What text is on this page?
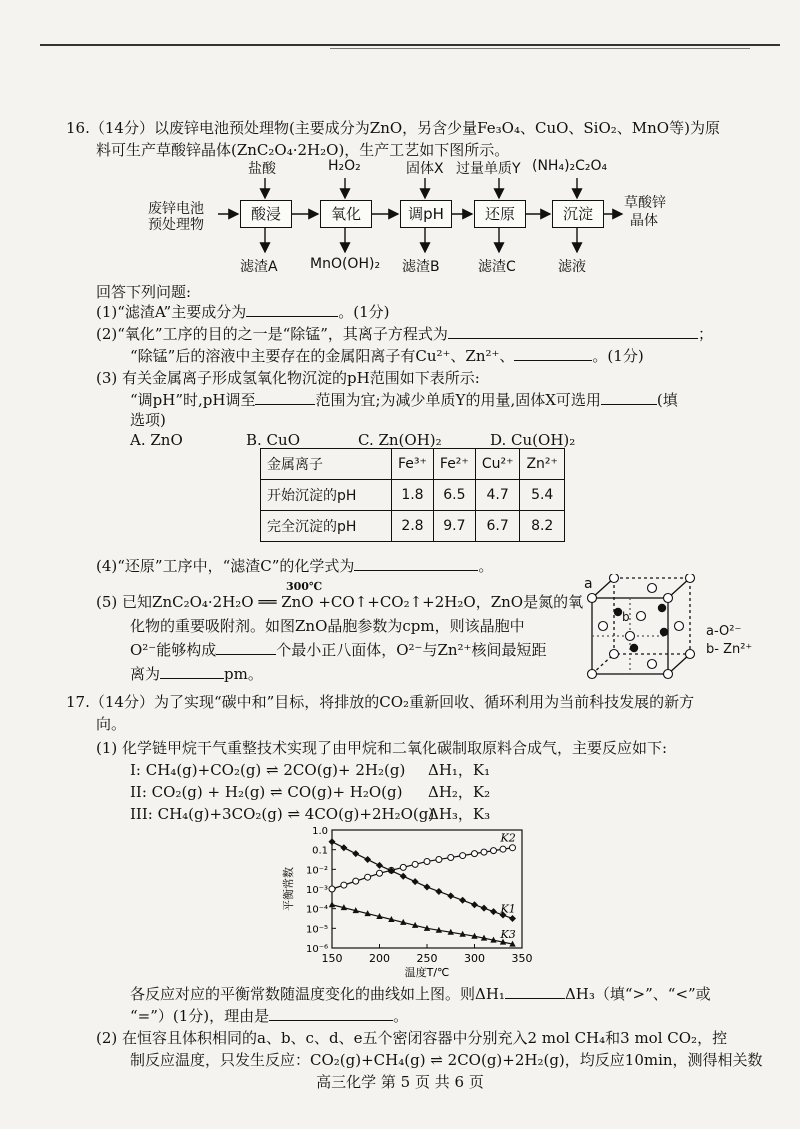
16.（14分）以废锌电池预处理物(主要成分为ZnO，另含少量Fe₃O₄、CuO、SiO₂、MnO等)为原
料可生产草酸锌晶体(ZnC₂O₄·2H₂O)，生产工艺如下图所示。
废锌电池
预处理物
酸浸	氧化	调pH	还原	沉淀
盐酸	H₂O₂	固体X 过量单质Y (NH₄)₂C₂O₄
滤渣A MnO(OH)₂ 滤渣B	滤渣C	滤液
草酸锌
晶体
回答下列问题:
(1)“滤渣A”主要成分为	。(1分)
(2)“氧化”工序的目的之一是“除锰”，其离子方程式为	；
“除锰”后的溶液中主要存在的金属阳离子有Cu²⁺、Zn²⁺、	。(1分)
(3) 有关金属离子形成氢氧化物沉淀的pH范围如下表所示:
“调pH”时,pH调至	范围为宜;为减少单质Y的用量,固体X可选用	(填
选项)
A. ZnO	B. CuO	C. Zn(OH)₂	D. Cu(OH)₂
金属离子	Fe³⁺	Fe²⁺	Cu²⁺	Zn²⁺
开始沉淀的pH	1.8	6.5	4.7	5.4
完全沉淀的pH	2.8	9.7	6.7	8.2
(4)“还原”工序中，“滤渣C”的化学式为	。
300℃
(5) 已知ZnC₂O₄·2H₂O ══ ZnO +CO↑+CO₂↑+2H₂O，ZnO是氮的氧
化物的重要吸附剂。如图ZnO晶胞参数为cpm，则该晶胞中
O²⁻能够构成	个最小正八面体，O²⁻与Zn²⁺核间最短距
离为	pm。
a
b
a-O²⁻
b- Zn²⁺
17.（14分）为了实现“碳中和”目标，将排放的CO₂重新回收、循环利用为当前科技发展的新方
向。
(1) 化学链甲烷干气重整技术实现了由甲烷和二氧化碳制取原料合成气，主要反应如下:
I: CH₄(g)+CO₂(g) ⇌ 2CO(g)+ 2H₂(g) ΔH₁，K₁
II: CO₂(g) + H₂(g) ⇌ CO(g)+ H₂O(g) ΔH₂，K₂
III: CH₄(g)+3CO₂(g) ⇌ 4CO(g)+2H₂O(g)
ΔH₃，K₃
150 200 250 300 350
1.0
0.1
10⁻²
10⁻³
10⁻⁴
10⁻⁵
10⁻⁶
温度T/℃
平衡常数
K2
K1
K3
各反应对应的平衡常数随温度变化的曲线如上图。则ΔH₁	ΔH₃（填“>”、“<”或
“=”）(1分)，理由是	。
(2) 在恒容且体积相同的a、b、c、d、e五个密闭容器中分别充入2 mol CH₄和3 mol CO₂，控
制反应温度，只发生反应：CO₂(g)+CH₄(g) ⇌ 2CO(g)+2H₂(g)，均反应10min，测得相关数
高三化学 第 5 页 共 6 页
